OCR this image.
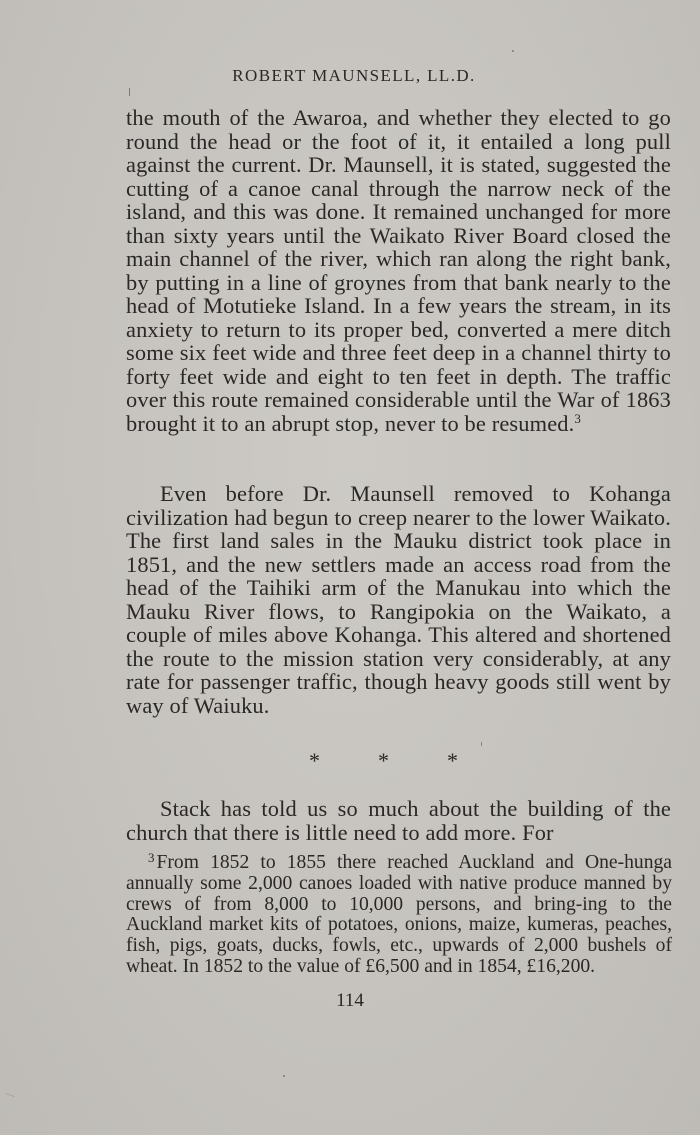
ROBERT MAUNSELL, LL.D.

the mouth of the Awaroa, and whether they elected to go round the head or the foot of it, it entailed a long pull against the current. Dr. Maunsell, it is stated, suggested the cutting of a canoe canal through the narrow neck of the island, and this was done. It remained unchanged for more than sixty years until the Waikato River Board closed the main channel of the river, which ran along the right bank, by putting in a line of groynes from that bank nearly to the head of Motutieke Island. In a few years the stream, in its anxiety to return to its proper bed, converted a mere ditch some six feet wide and three feet deep in a channel thirty to forty feet wide and eight to ten feet in depth. The traffic over this route remained considerable until the War of 1863 brought it to an abrupt stop, never to be resumed.$^3$

Even before Dr. Maunsell removed to Kohanga civilization had begun to creep nearer to the lower Waikato. The first land sales in the Mauku district took place in 1851, and the new settlers made an access road from the head of the Taihiki arm of the Manukau into which the Mauku River flows, to Rangipokia on the Waikato, a couple of miles above Kohanga. This altered and shortened the route to the mission station very considerably, at any rate for passenger traffic, though heavy goods still went by way of Waiuku.

*	*	*

Stack has told us so much about the building of the church that there is little need to add more. For

$^3$ From 1852 to 1855 there reached Auckland and One-hunga annually some 2,000 canoes loaded with native produce manned by crews of from 8,000 to 10,000 persons, and bring-ing to the Auckland market kits of potatoes, onions, maize, kumeras, peaches, fish, pigs, goats, ducks, fowls, etc., upwards of 2,000 bushels of wheat. In 1852 to the value of £6,500 and in 1854, £16,200.

114
ᛁ
